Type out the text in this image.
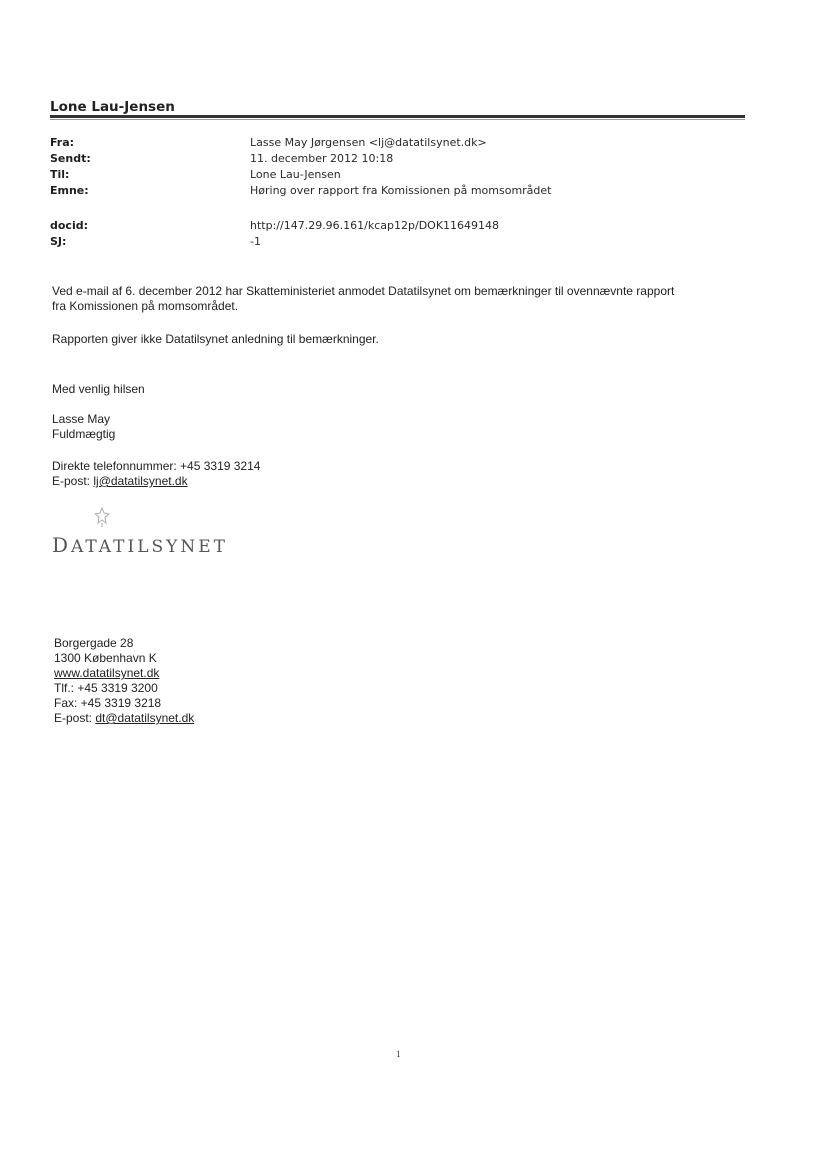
Lone Lau-Jensen
Fra:	Lasse May Jørgensen <lj@datatilsynet.dk>
Sendt:	11. december 2012 10:18
Til:	Lone Lau-Jensen
Emne:	Høring over rapport fra Komissionen på momsområdet
docid:	http://147.29.96.161/kcap12p/DOK11649148
SJ:	-1
Ved e-mail af 6. december 2012 har Skatteministeriet anmodet Datatilsynet om bemærkninger til ovennævnte rapport
fra Komissionen på momsområdet.
Rapporten giver ikke Datatilsynet anledning til bemærkninger.
Med venlig hilsen
Lasse May
Fuldmægtig
Direkte telefonnummer: +45 3319 3214
E-post: lj@datatilsynet.dk
DATATILSYNET
Borgergade 28
1300 København K
www.datatilsynet.dk
Tlf.: +45 3319 3200
Fax: +45 3319 3218
E-post: dt@datatilsynet.dk
1
